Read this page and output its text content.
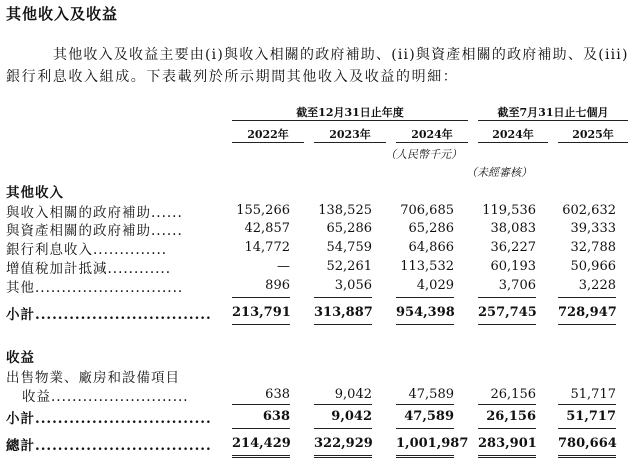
其他收入及收益
其他收入及收益主要由(i)與收入相關的政府補助、(ii)與資產相關的政府補助、及(iii)
銀行利息收入組成。下表載列於所示期間其他收入及收益的明細：
截至12月31日止年度	截至7月31日止七個月
2022年	2023年	2024年	2024年	2025年
（人民幣千元）
（未經審核）
其他收入
與收入相關的政府補助......	155,266	138,525	706,685	119,536	602,632
與資產相關的政府補助......	42,857	65,286	65,286	38,083	39,333
銀行利息收入..............	14,772	54,759	64,866	36,227	32,788
增值稅加計抵減............	—	52,261	113,532	60,193	50,966
其他............................	896	3,056	4,029	3,706	3,228
小計............................... 213,791 313,887 954,398 257,745 728,947
收益
出售物業、廠房和設備項目
收益..........................	638	9,042	47,589	26,156	51,717
小計...............................	638	9,042	47,589	26,156	51,717
總計............................... 214,429 322,929 1,001,987 283,901 780,664
